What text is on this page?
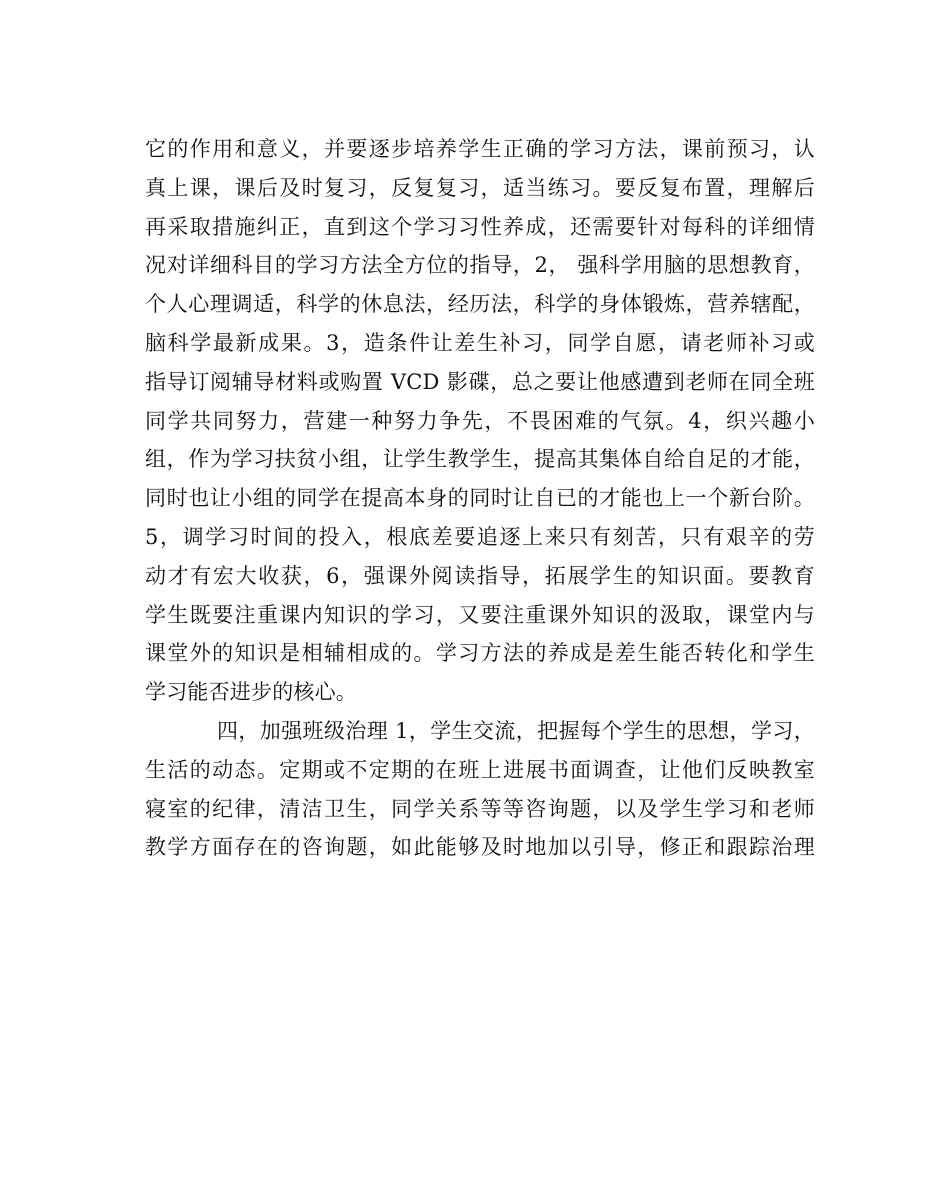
它的作用和意义，并要逐步培养学生正确的学习方法，课前预习，认
真上课，课后及时复习，反复复习，适当练习。要反复布置，理解后
再采取措施纠正，直到这个学习习性养成，还需要针对每科的详细情
况对详细科目的学习方法全方位的指导，2， 强科学用脑的思想教育，
个人心理调适，科学的休息法，经历法，科学的身体锻炼，营养辖配，
脑科学最新成果。3，造条件让差生补习，同学自愿，请老师补习或
指导订阅辅导材料或购置 VCD 影碟，总之要让他感遭到老师在同全班
同学共同努力，营建一种努力争先，不畏困难的气氛。4，织兴趣小
组，作为学习扶贫小组，让学生教学生，提高其集体自给自足的才能，
同时也让小组的同学在提高本身的同时让自已的才能也上一个新台阶。
5，调学习时间的投入，根底差要追逐上来只有刻苦，只有艰辛的劳
动才有宏大收获，6，强课外阅读指导，拓展学生的知识面。要教育
学生既要注重课内知识的学习，又要注重课外知识的汲取，课堂内与
课堂外的知识是相辅相成的。学习方法的养成是差生能否转化和学生
学习能否进步的核心。
四，加强班级治理 1，学生交流，把握每个学生的思想，学习，
生活的动态。定期或不定期的在班上进展书面调查，让他们反映教室
寝室的纪律，清洁卫生，同学关系等等咨询题，以及学生学习和老师
教学方面存在的咨询题，如此能够及时地加以引导，修正和跟踪治理
